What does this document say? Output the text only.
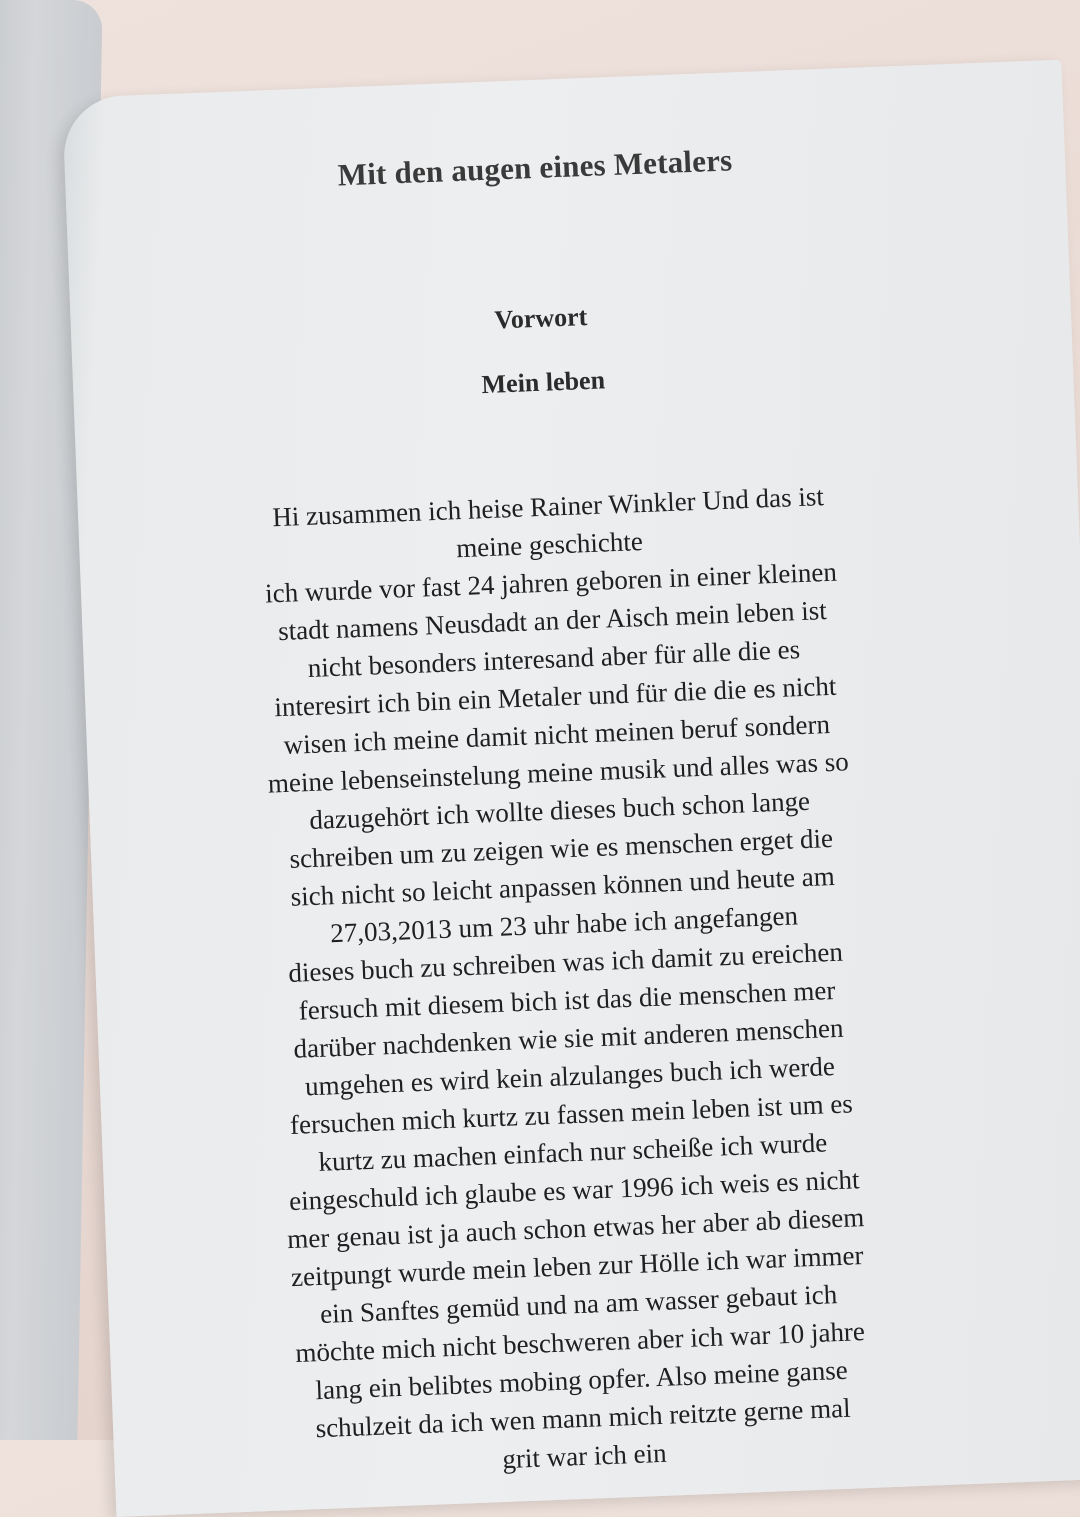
Mit den augen eines Metalers
Vorwort
Mein leben
Hi zusammen ich heise Rainer Winkler Und das ist
meine geschichte
ich wurde vor fast 24 jahren geboren in einer kleinen
stadt namens Neusdadt an der Aisch mein leben ist
nicht besonders interesand aber für alle die es
interesirt ich bin ein Metaler und für die die es nicht
wisen ich meine damit nicht meinen beruf sondern
meine lebenseinstelung meine musik und alles was so
dazugehört ich wollte dieses buch schon lange
schreiben um zu zeigen wie es menschen erget die
sich nicht so leicht anpassen können und heute am
27,03,2013 um 23 uhr habe ich angefangen
dieses buch zu schreiben was ich damit zu ereichen
fersuch mit diesem bich ist das die menschen mer
darüber nachdenken wie sie mit anderen menschen
umgehen es wird kein alzulanges buch ich werde
fersuchen mich kurtz zu fassen mein leben ist um es
kurtz zu machen einfach nur scheiße ich wurde
eingeschuld ich glaube es war 1996 ich weis es nicht
mer genau ist ja auch schon etwas her aber ab diesem
zeitpungt wurde mein leben zur Hölle ich war immer
ein Sanftes gemüd und na am wasser gebaut ich
möchte mich nicht beschweren aber ich war 10 jahre
lang ein belibtes mobing opfer. Also meine ganse
schulzeit da ich wen mann mich reitzte gerne mal
grit war ich ein
